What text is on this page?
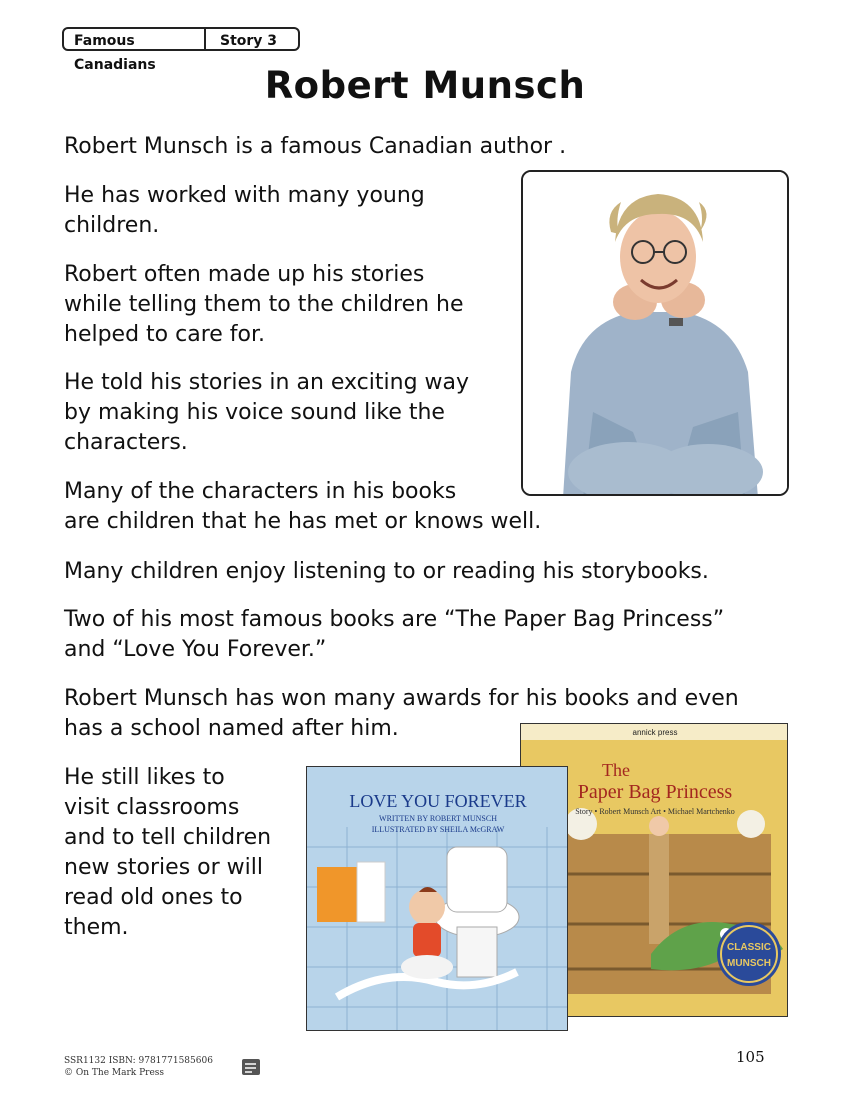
Famous Canadians
Story 3
Robert Munsch

Robert Munsch is a famous Canadian author .

He has worked with many young
children.

Robert often made up his stories
while telling them to the children he
helped to care for.

He told his stories in an exciting way
by making his voice sound like the
characters.

Many of the characters in his books
are children that he has met or knows well.

Many children enjoy listening to or reading his storybooks.

Two of his most famous books are “The Paper Bag Princess”
and “Love You Forever.”

Robert Munsch has won many awards for his books and even
has a school named after him.

He still likes to
visit classrooms
and to tell children
new stories or will
read old ones to
them.

CLASSIC
MUNSCH
annick press
The
Paper Bag Princess
Story • Robert Munsch Art • Michael Martchenko
LOVE YOU FOREVER
WRITTEN BY ROBERT MUNSCH
ILLUSTRATED BY SHEILA McGRAW
SSR1132 ISBN: 9781771585606
© On The Mark Press
105
